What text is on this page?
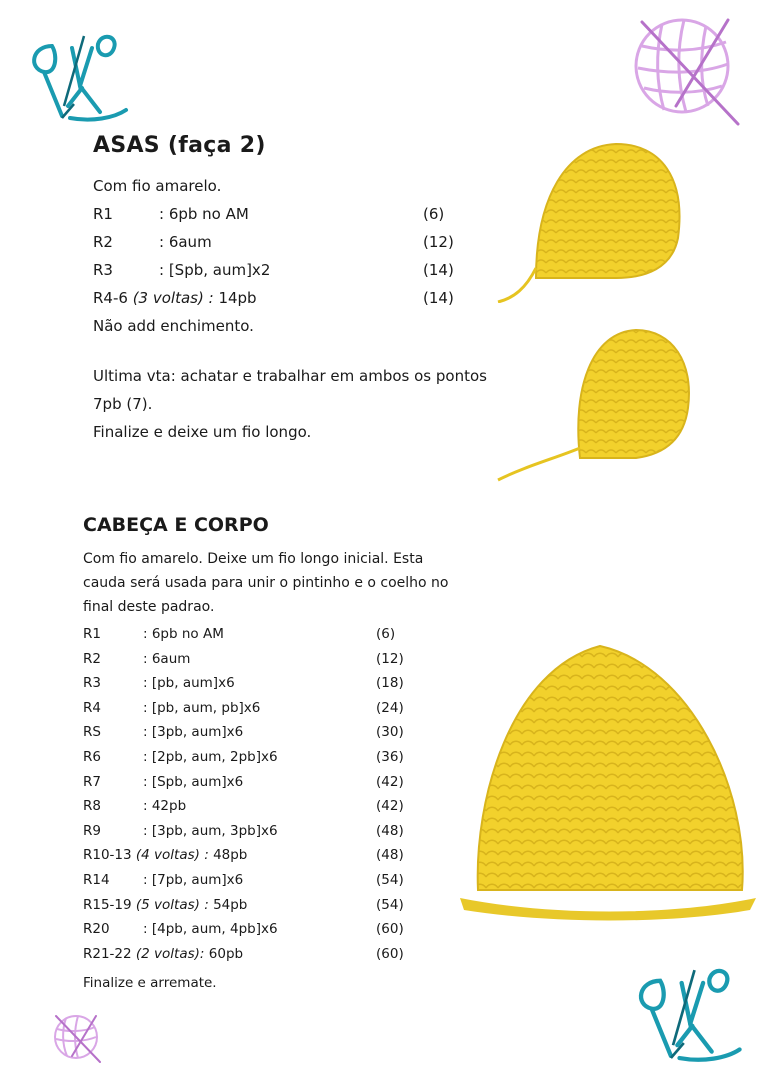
ASAS (faça 2)
Com fio amarelo.
R1	: 6pb no AM	(6)
R2	: 6aum	(12)
R3	: [Spb, aum]x2	(14)
R4-6 (3 voltas) : 14pb	(14)
Não add enchimento.

Ultima vta: achatar e trabalhar em ambos os pontos 7pb (7).

Finalize e deixe um fio longo.

CABEÇA E CORPO
Com fio amarelo. Deixe um fio longo inicial. Esta cauda será usada para unir o pintinho e o coelho no final deste padrao.
R1	: 6pb no AM	(6)
R2	: 6aum	(12)
R3	: [pb, aum]x6	(18)
R4	: [pb, aum, pb]x6	(24)
RS	: [3pb, aum]x6	(30)
R6	: [2pb, aum, 2pb]x6	(36)
R7	: [Spb, aum]x6	(42)
R8	: 42pb	(42)
R9	: [3pb, aum, 3pb]x6	(48)
R10-13 (4 voltas) : 48pb	(48)
R14 : [7pb, aum]x6	(54)
R15-19 (5 voltas) : 54pb	(54)
R20 : [4pb, aum, 4pb]x6	(60)
R21-22 (2 voltas): 60pb	(60)
Finalize e arremate.
